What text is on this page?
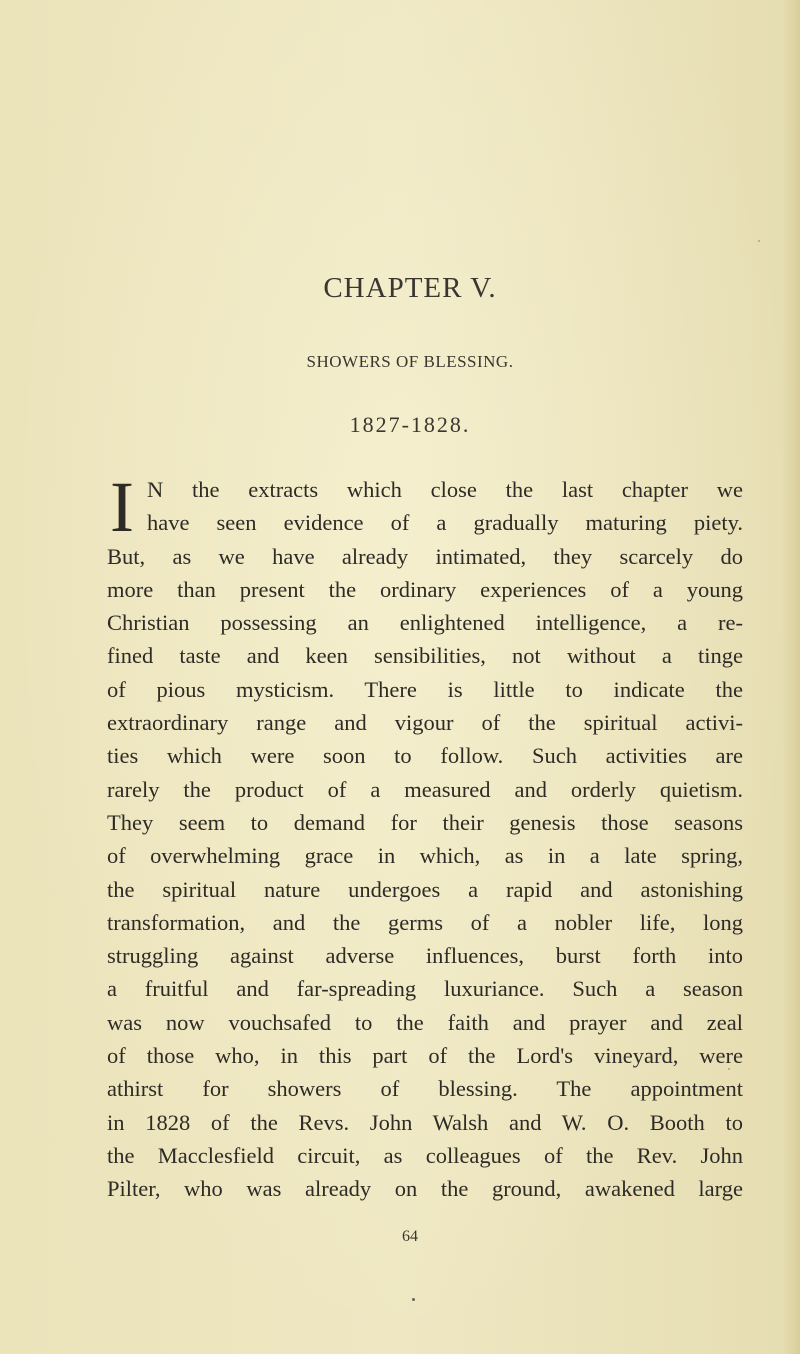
CHAPTER V.
SHOWERS OF BLESSING.
1827-1828.
I N the extracts which close the last chapter we
have seen evidence of a gradually maturing piety.
But, as we have already intimated, they scarcely do
more than present the ordinary experiences of a young
Christian possessing an enlightened intelligence, a re-
fined taste and keen sensibilities, not without a tinge
of pious mysticism. There is little to indicate the
extraordinary range and vigour of the spiritual activi-
ties which were soon to follow. Such activities are
rarely the product of a measured and orderly quietism.
They seem to demand for their genesis those seasons
of overwhelming grace in which, as in a late spring,
the spiritual nature undergoes a rapid and astonishing
transformation, and the germs of a nobler life, long
struggling against adverse influences, burst forth into
a fruitful and far-spreading luxuriance. Such a season
was now vouchsafed to the faith and prayer and zeal
of those who, in this part of the Lord's vineyard, were
athirst for showers of blessing. The appointment
in 1828 of the Revs. John Walsh and W. O. Booth to
the Macclesfield circuit, as colleagues of the Rev. John
Pilter, who was already on the ground, awakened large
64
